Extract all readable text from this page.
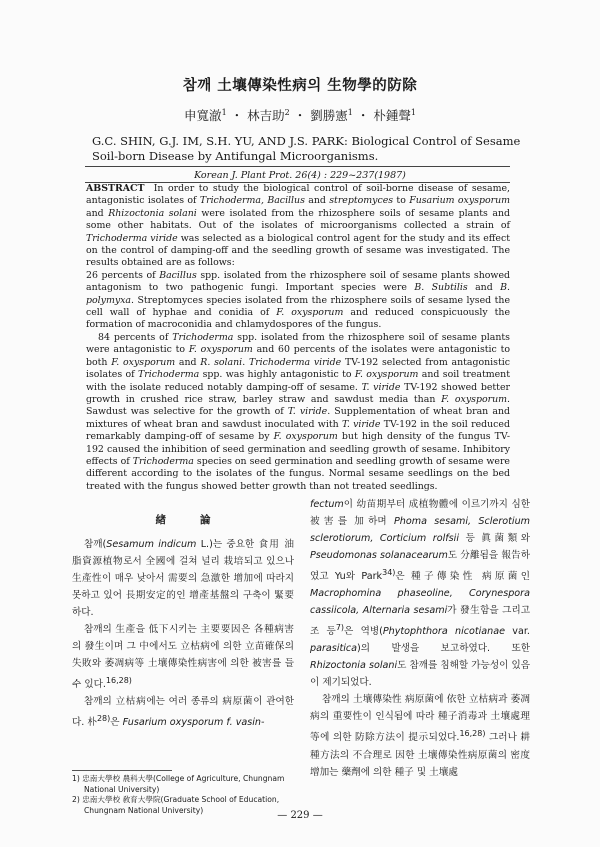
참깨 土壤傳染性病의 生物學的防除
申寬澈$^1$ ・ 林吉助$^2$ ・ 劉勝憲$^1$ ・ 朴鍾聲$^1$
G.C. SHIN, G.J. IM, S.H. YU, AND J.S. PARK: Biological Control of Sesame Soil-born Disease by Antifungal Microorganisms.
Korean J. Plant Prot. 26(4) : 229~237(1987)

ABSTRACT In order to study the biological control of soil-borne disease of sesame, antagonistic isolates of Trichoderma, Bacillus and streptomyces to Fusarium oxysporum and Rhizoctonia solani were isolated from the rhizosphere soils of sesame plants and some other habitats. Out of the isolates of microorganisms collected a strain of Trichoderma viride was selected as a biological control agent for the study and its effect on the control of damping-off and the seedling growth of sesame was investigated. The results obtained are as follows:

26 percents of Bacillus spp. isolated from the rhizosphere soil of sesame plants showed antagonism to two pathogenic fungi. Important species were B. Subtilis and B. polymyxa. Streptomyces species isolated from the rhizosphere soils of sesame lysed the cell wall of hyphae and conidia of F. oxysporum and reduced conspicuously the formation of macroconidia and chlamydospores of the fungus.

84 percents of Trichoderma spp. isolated from the rhizosphere soil of sesame plants were antagonistic to F. oxysporum and 60 percents of the isolates were antagonistic to both F. oxysporum and R. solani. Trichoderma viride TV-192 selected from antagonistic isolates of Trichoderma spp. was highly antagonistic to F. oxysporum and soil treatment with the isolate reduced notably damping-off of sesame. T. viride TV-192 showed better growth in crushed rice straw, barley straw and sawdust media than F. oxysporum. Sawdust was selective for the growth of T. viride. Supplementation of wheat bran and mixtures of wheat bran and sawdust inoculated with T. viride TV-192 in the soil reduced remarkably damping-off of sesame by F. oxysporum but high density of the fungus TV-192 caused the inhibition of seed germination and seedling growth of sesame. Inhibitory effects of Trichoderma species on seed germination and seedling growth of sesame were different according to the isolates of the fungus. Normal sesame seedlings on the bed treated with the fungus showed better growth than not treated seedlings.

緖論

참깨(Sesamum indicum L.)는 중요한 食用 油脂資源植物로서 全國에 걸쳐 널리 栽培되고 있으나 生產性이 매우 낮아서 需要의 急激한 增加에 따라지 못하고 있어 長期安定的인 增產基盤의 구축이 緊要하다.

참깨의 生產을 低下시키는 主要要因은 各種病害의 發生이며 그 中에서도 立枯病에 의한 立苗確保의 失敗와 萎凋病等 土壤傳染性病害에 의한 被害를 들 수 있다.$^{16,28)}$

참깨의 立枯病에는 여러 종류의 病原菌이 관여한다. 朴$^{28)}$은 Fusarium oxysporum f. vasin-

fectum이 幼苗期부터 成植物體에 이르기까지 심한 被害를 加하며 Phoma sesami, Sclerotium sclerotiorum, Corticium rolfsii 등 眞菌類와 Pseudomonas solanacearum도 分離됨을 報告하였고 Yu와 Park$^{34)}$은 種子傳染性 病原菌인 Macrophomina phaseoline, Corynespora cassiicola, Alternaria sesami가 發生함을 그리고 조 등$^{7)}$은 역병(Phytophthora nicotianae var. parasitica)의 발생을 보고하였다. 또한 Rhizoctonia solani도 참깨를 침해할 가능성이 있음이 제기되었다.

참깨의 土壤傳染性 病原菌에 依한 立枯病과 萎凋病의 重要性이 인식됨에 따라 種子消毒과 土壤處理 等에 의한 防除方法이 提示되었다.$^{16,28)}$ 그러나 耕種方法의 不合理로 因한 土壤傳染性病原菌의 密度增加는 藥劑에 의한 種子 및 土壤處

1) 忠南大學校 農科大學(College of Agriculture, Chungnam National University)
2) 忠南大學校 敎育大學院(Graduate School of Education, Chungnam National University)	— 229 —
